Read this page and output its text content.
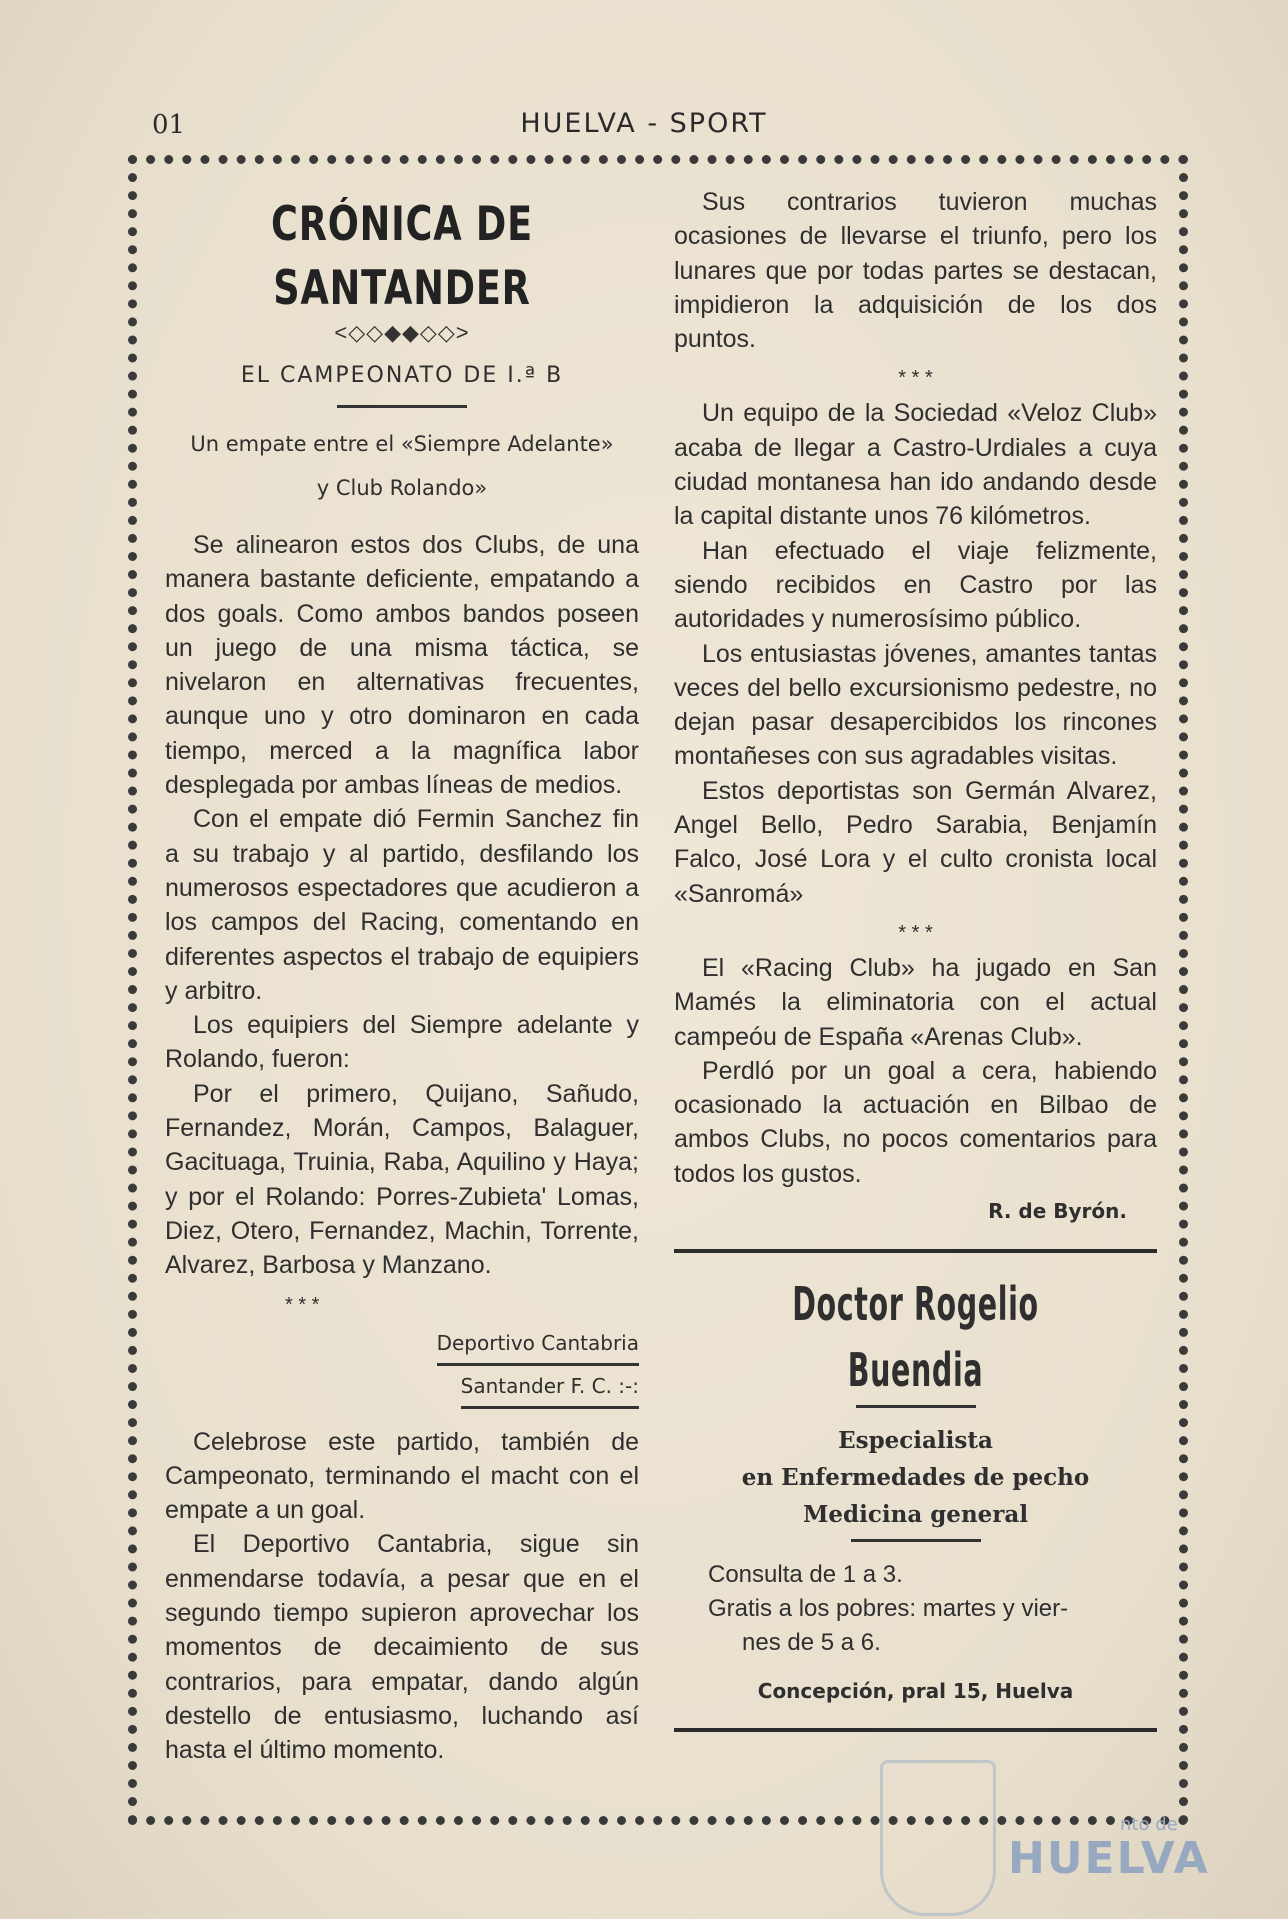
01	HUELVA - SPORT
CRÓNICA DE SANTANDER
<◇◇◆◆◇◇>
EL CAMPEONATO DE I.ª B
Un empate entre el «Siempre Adelante»
y Club Rolando»

Se alinearon estos dos Clubs, de una manera bastante deficiente, empatando a dos goals. Como ambos bandos poseen un juego de una misma táctica, se nivelaron en alternativas frecuentes, aunque uno y otro dominaron en cada tiempo, merced a la magnífica labor desplegada por ambas líneas de medios.

Con el empate dió Fermin Sanchez fin a su trabajo y al partido, desfilando los numerosos espectadores que acudieron a los campos del Racing, comentando en diferentes aspectos el trabajo de equipiers y arbitro.

Los equipiers del Siempre adelante y Rolando, fueron:

Por el primero, Quijano, Sañudo, Fernandez, Morán, Campos, Balaguer, Gacituaga, Truinia, Raba, Aquilino y Haya; y por el Rolando: Porres-Zubieta' Lomas, Diez, Otero, Fernandez, Machin, Torrente, Alvarez, Barbosa y Manzano.

* * *
Deportivo Cantabria
Santander F. C. :-:

Celebrose este partido, también de Campeonato, terminando el macht con el empate a un goal.

El Deportivo Cantabria, sigue sin enmendarse todavía, a pesar que en el segundo tiempo supieron aprovechar los momentos de decaimiento de sus contrarios, para empatar, dando algún destello de entusiasmo, luchando así hasta el último momento.

Sus contrarios tuvieron muchas ocasiones de llevarse el triunfo, pero los lunares que por todas partes se destacan, impidieron la adquisición de los dos puntos.

* * *

Un equipo de la Sociedad «Veloz Club» acaba de llegar a Castro-Urdiales a cuya ciudad montanesa han ido andando desde la capital distante unos 76 kilómetros.

Han efectuado el viaje felizmente, siendo recibidos en Castro por las autoridades y numerosísimo público.

Los entusiastas jóvenes, amantes tantas veces del bello excursionismo pedestre, no dejan pasar desapercibidos los rincones montañeses con sus agradables visitas.

Estos deportistas son Germán Alvarez, Angel Bello, Pedro Sarabia, Benjamín Falco, José Lora y el culto cronista local «Sanromá»

* * *

El «Racing Club» ha jugado en San Mamés la eliminatoria con el actual campeóu de España «Arenas Club».

Perdló por un goal a cera, habiendo ocasionado la actuación en Bilbao de ambos Clubs, no pocos comentarios para todos los gustos.

R. de Byrón.
Doctor Rogelio Buendia
Especialista
en Enfermedades de pecho
Medicina general
Consulta de 1 a 3.
Gratis a los pobres: martes y vier-
nes de 5 a 6.
Concepción, pral 15, Huelva
nto de
HUELVA
